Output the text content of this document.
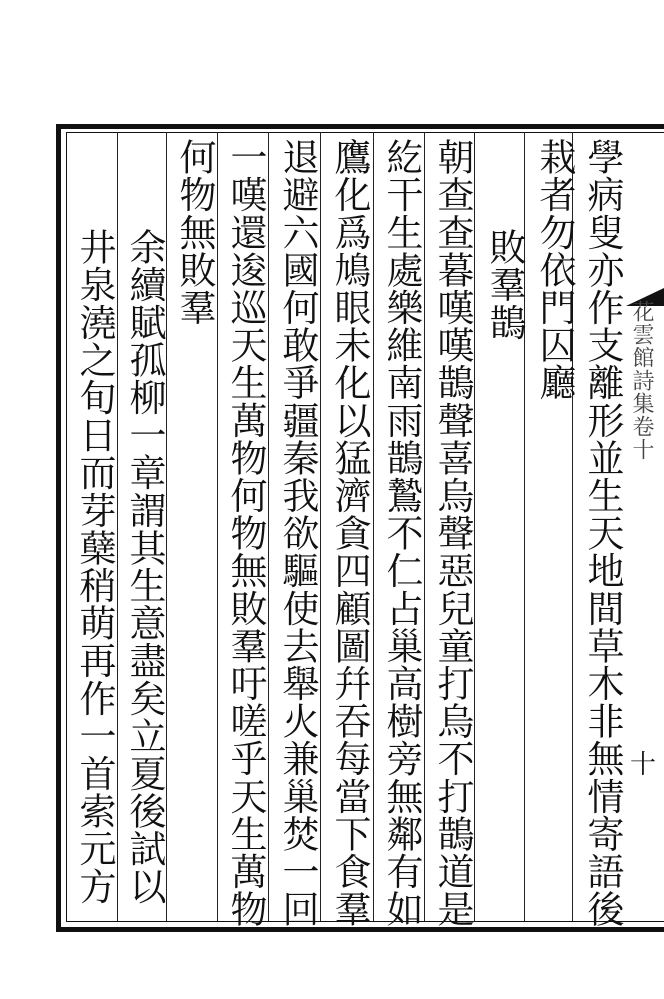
花雲館詩集卷十
十
學病叟亦作支離形並生天地間草木非無情寄語後
栽者勿依門囚廳
敗羣鵲
朝查查暮嘆嘆鵲聲喜烏聲惡兒童打烏不打鵲道是
紇干生處樂維南雨鵲鷙不仁占巢高樹旁無鄰有如
鷹化爲鳩眼未化以猛濟貪四顧圖幷吞每當下食羣
退避六國何敢爭疆秦我欲驅使去舉火兼巢焚一回
一嘆還逡巡天生萬物何物無敗羣吁嗟乎天生萬物
何物無敗羣
余續賦孤柳一章謂其生意盡矣立夏後試以
井泉澆之旬日而芽蘖稍萌再作一首索元方
